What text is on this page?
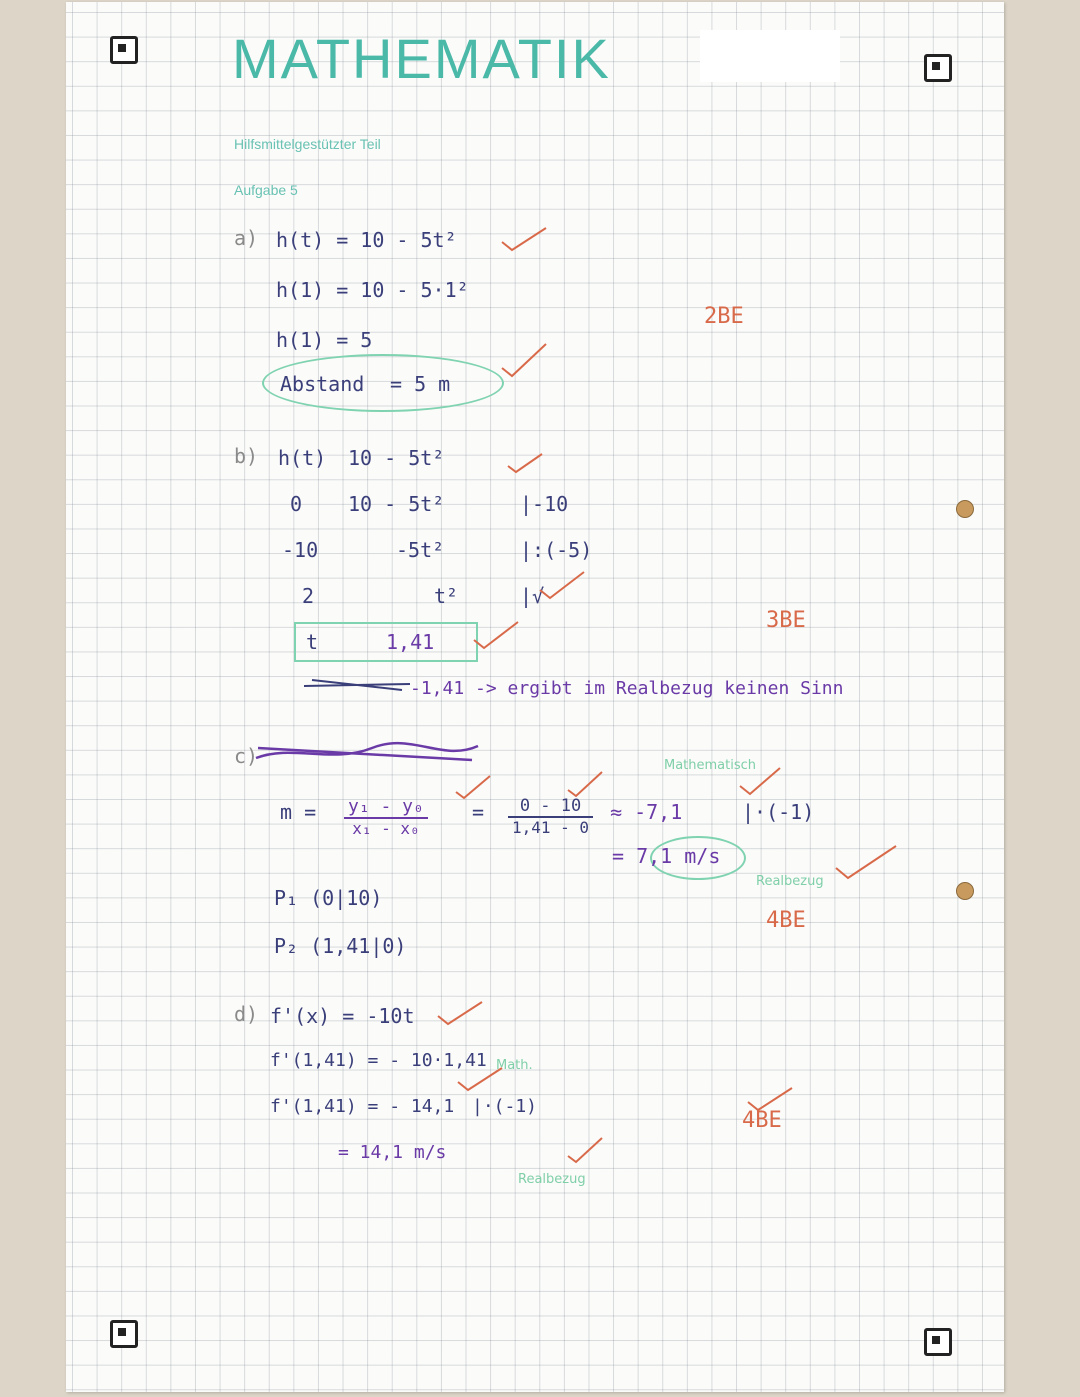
MATHEMATIK
Hilfsmittelgestützter Teil
Aufgabe 5
a) h(t) = 10 - 5t²
h(1) = 10 - 5·1²
h(1) = 5
Abstand = 5 m
2BE
b) h(t) 10 - 5t²
0 10 - 5t²	|-10
-10	-5t²	|:(-5)
2	t²	|√
t	1,41
-1,41 -> ergibt im Realbezug keinen Sinn
3BE
c)
$m = \frac{\text{y₁ - y₀}}{\text{x₁ - x₀}} = \frac{0 - 10}{1,41 - 0} \approx -7,1$	|·(-1)
= 7,1 m/s
P₁ (0|10)
P₂ (1,41|0)
Mathematisch
Realbezug
4BE
d) f'(x) = -10t
f'(1,41) = - 10·1,41
f'(1,41) = - 14,1 |·(-1)
= 14,1 m/s
Math.
Realbezug
4BE
